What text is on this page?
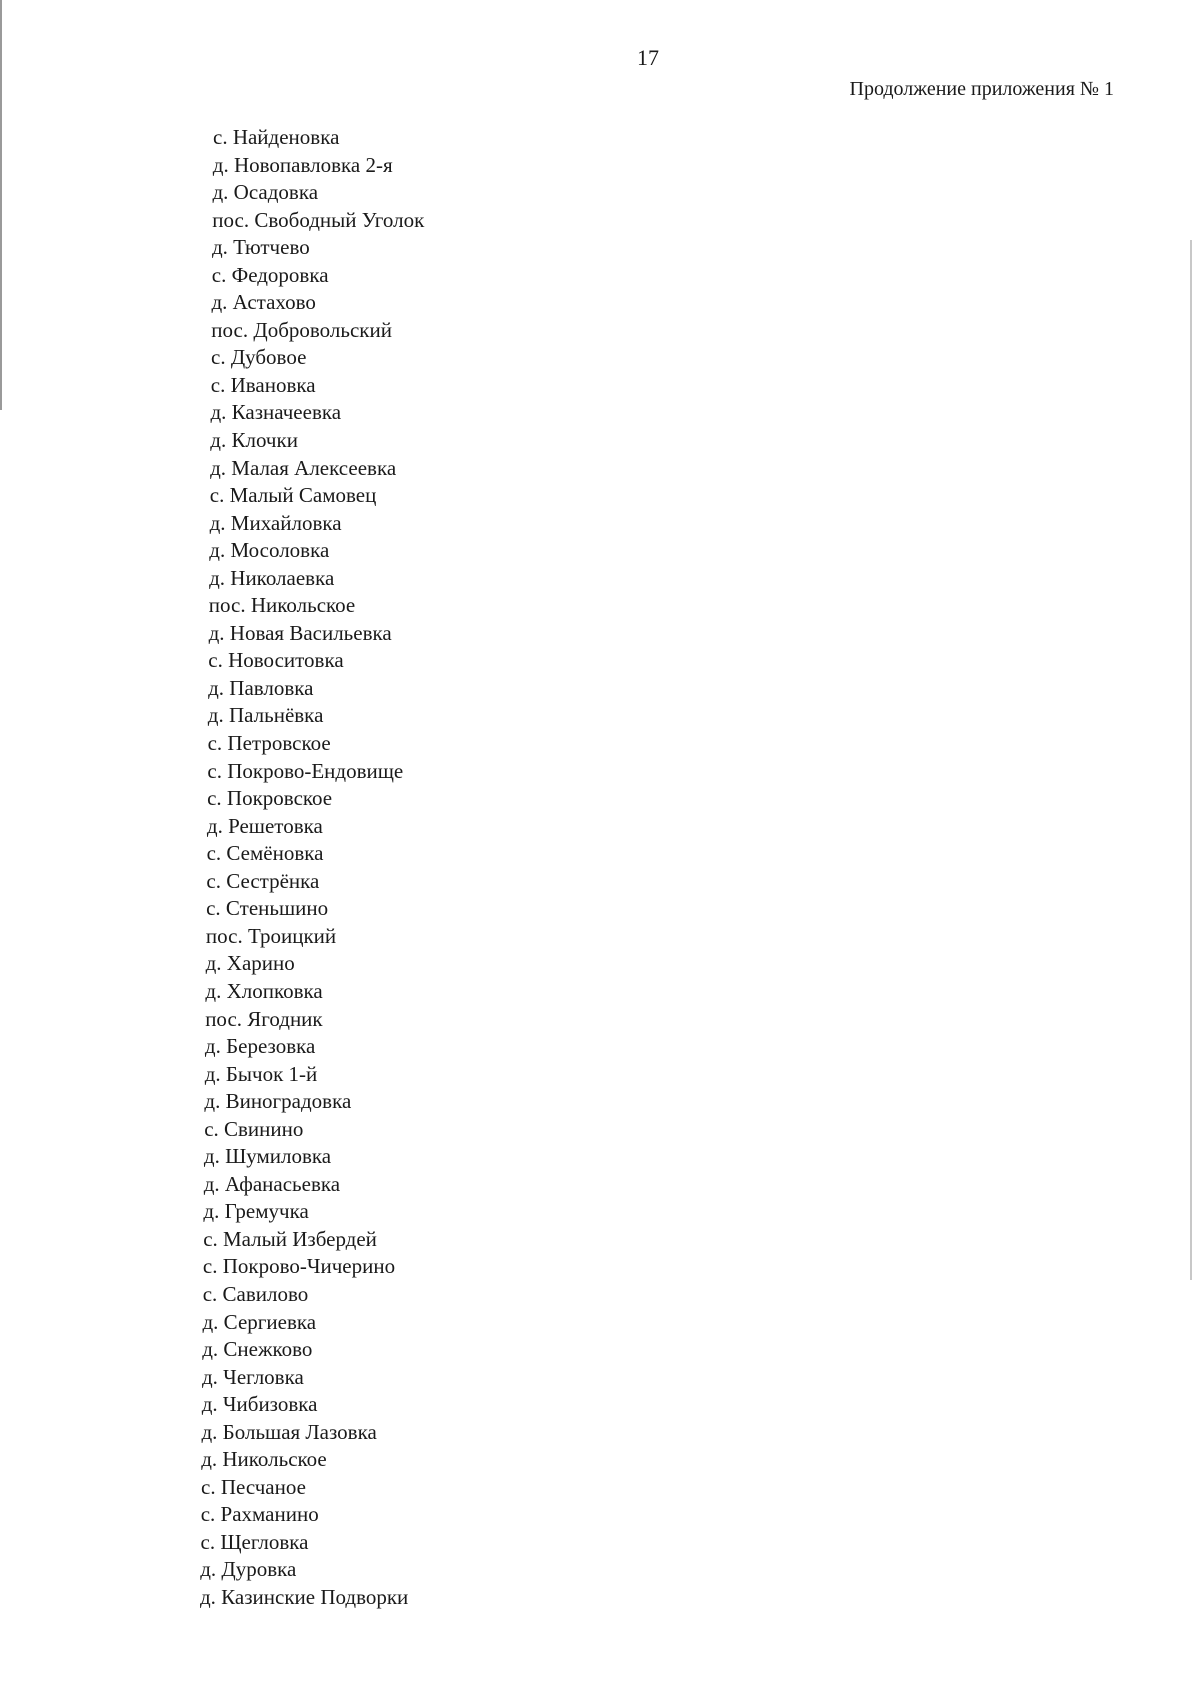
17
Продолжение приложения № 1
с. Найденовка
д. Новопавловка 2-я
д. Осадовка
пос. Свободный Уголок
д. Тютчево
с. Федоровка
д. Астахово
пос. Добровольский
с. Дубовое
с. Ивановка
д. Казначеевка
д. Клочки
д. Малая Алексеевка
с. Малый Самовец
д. Михайловка
д. Мосоловка
д. Николаевка
пос. Никольское
д. Новая Васильевка
с. Новоситовка
д. Павловка
д. Пальнёвка
с. Петровское
с. Покрово-Ендовище
с. Покровское
д. Решетовка
с. Семёновка
с. Сестрёнка
с. Стеньшино
пос. Троицкий
д. Харино
д. Хлопковка
пос. Ягодник
д. Березовка
д. Бычок 1-й
д. Виноградовка
с. Свинино
д. Шумиловка
д. Афанасьевка
д. Гремучка
с. Малый Избердей
с. Покрово-Чичерино
с. Савилово
д. Сергиевка
д. Снежково
д. Чегловка
д. Чибизовка
д. Большая Лазовка
д. Никольское
с. Песчаное
с. Рахманино
с. Щегловка
д. Дуровка
д. Казинские Подворки
